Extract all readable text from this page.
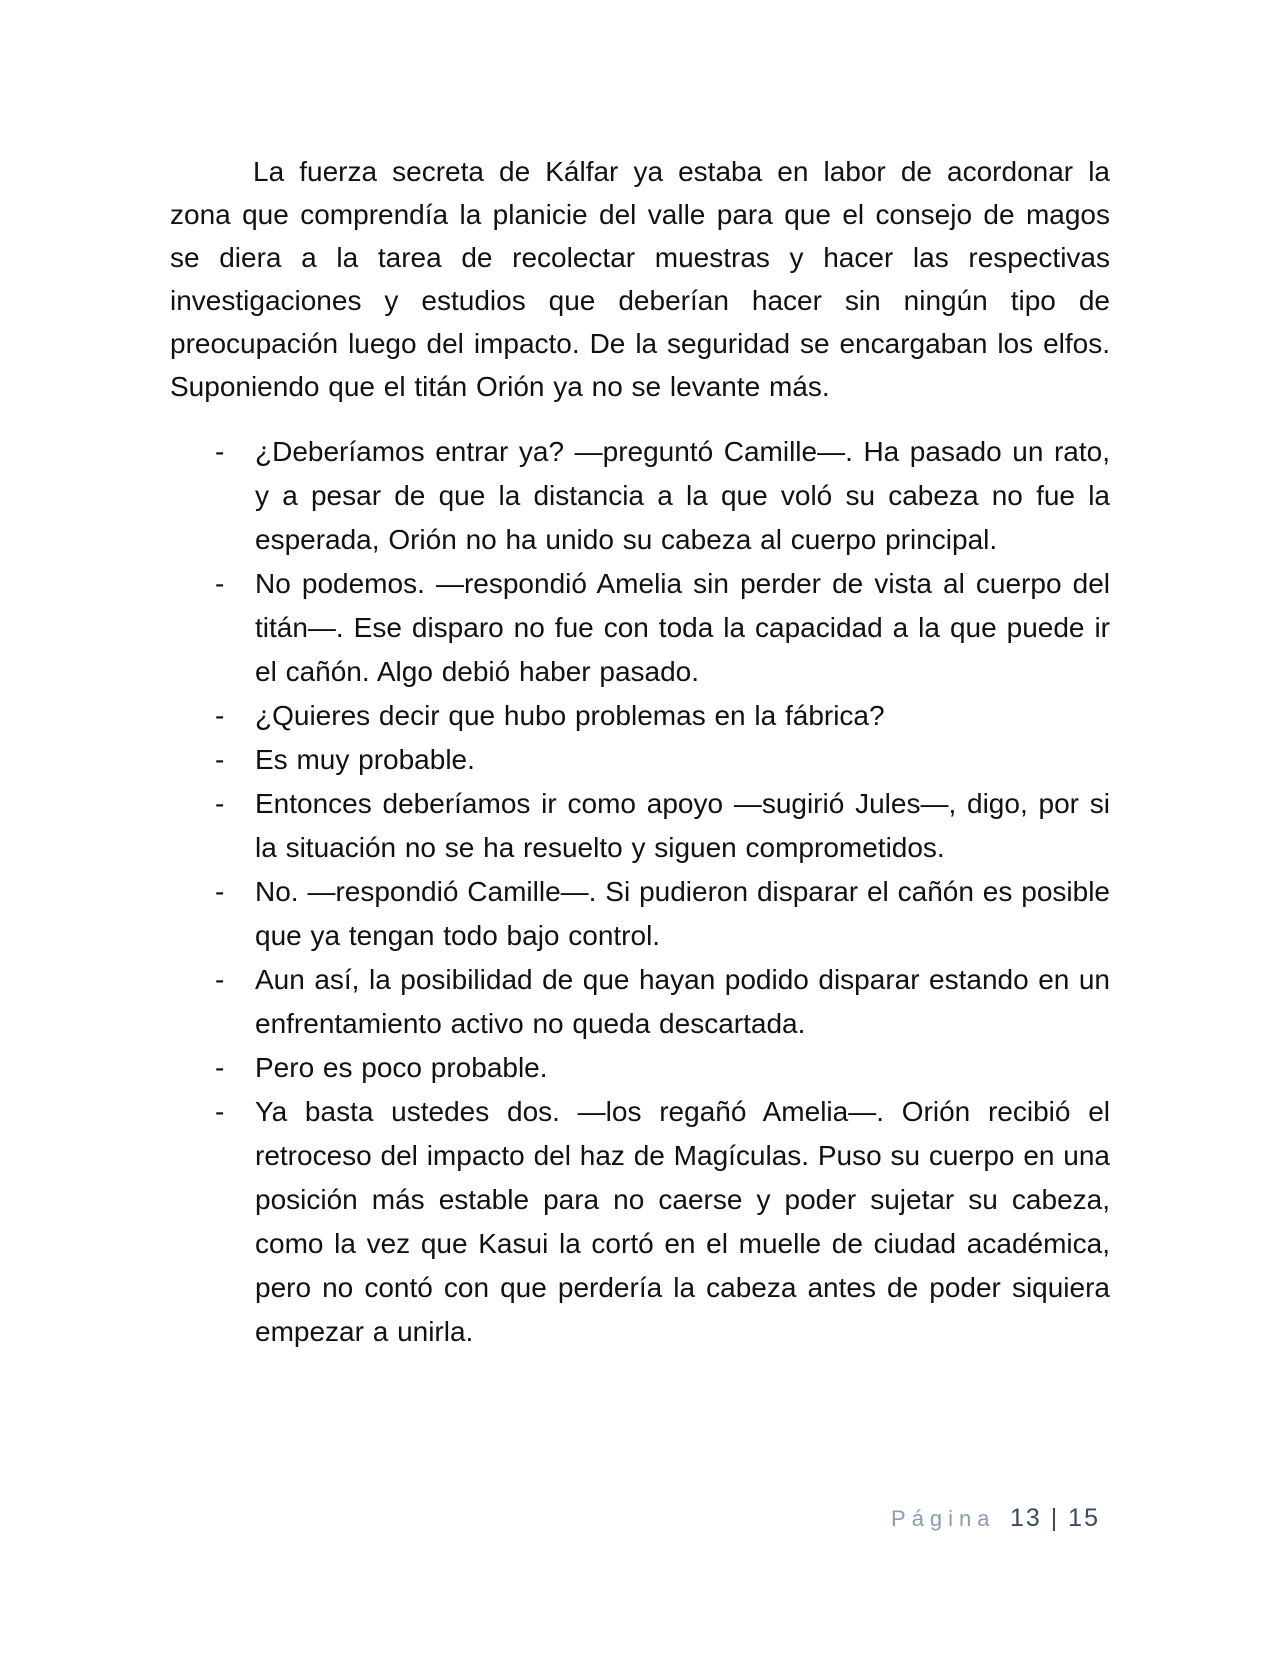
La fuerza secreta de Kálfar ya estaba en labor de acordonar la zona que comprendía la planicie del valle para que el consejo de magos se diera a la tarea de recolectar muestras y hacer las respectivas investigaciones y estudios que deberían hacer sin ningún tipo de preocupación luego del impacto. De la seguridad se encargaban los elfos. Suponiendo que el titán Orión ya no se levante más.

- ¿Deberíamos entrar ya? —preguntó Camille—. Ha pasado un rato, y a pesar de que la distancia a la que voló su cabeza no fue la esperada, Orión no ha unido su cabeza al cuerpo principal.
- No podemos. —respondió Amelia sin perder de vista al cuerpo del titán—. Ese disparo no fue con toda la capacidad a la que puede ir el cañón. Algo debió haber pasado.
- ¿Quieres decir que hubo problemas en la fábrica?
- Es muy probable.
- Entonces deberíamos ir como apoyo —sugirió Jules—, digo, por si la situación no se ha resuelto y siguen comprometidos.
- No. —respondió Camille—. Si pudieron disparar el cañón es posible que ya tengan todo bajo control.
- Aun así, la posibilidad de que hayan podido disparar estando en un enfrentamiento activo no queda descartada.
- Pero es poco probable.
- Ya basta ustedes dos. —los regañó Amelia—. Orión recibió el retroceso del impacto del haz de Magículas. Puso su cuerpo en una posición más estable para no caerse y poder sujetar su cabeza, como la vez que Kasui la cortó en el muelle de ciudad académica, pero no contó con que perdería la cabeza antes de poder siquiera empezar a unirla.
Página 13 | 15
